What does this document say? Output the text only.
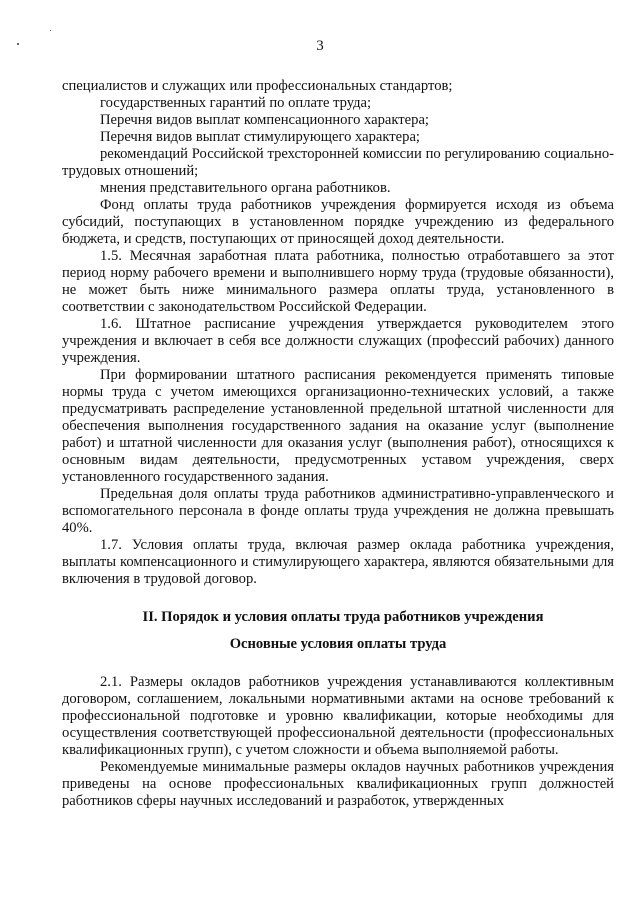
3

специалистов и служащих или профессиональных стандартов;

государственных гарантий по оплате труда;

Перечня видов выплат компенсационного характера;

Перечня видов выплат стимулирующего характера;

рекомендаций Российской трехсторонней комиссии по регулированию социально-трудовых отношений;

мнения представительного органа работников.

Фонд оплаты труда работников учреждения формируется исходя из объема субсидий, поступающих в установленном порядке учреждению из федерального бюджета, и средств, поступающих от приносящей доход деятельности.

1.5. Месячная заработная плата работника, полностью отработавшего за этот период норму рабочего времени и выполнившего норму труда (трудовые обязанности), не может быть ниже минимального размера оплаты труда, установленного в соответствии с законодательством Российской Федерации.

1.6. Штатное расписание учреждения утверждается руководителем этого учреждения и включает в себя все должности служащих (профессий рабочих) данного учреждения.

При формировании штатного расписания рекомендуется применять типовые нормы труда с учетом имеющихся организационно-технических условий, а также предусматривать распределение установленной предельной штатной численности для обеспечения выполнения государственного задания на оказание услуг (выполнение работ) и штатной численности для оказания услуг (выполнения работ), относящихся к основным видам деятельности, предусмотренных уставом учреждения, сверх установленного государственного задания.

Предельная доля оплаты труда работников административно-управленческого и вспомогательного персонала в фонде оплаты труда учреждения не должна превышать 40%.

1.7. Условия оплаты труда, включая размер оклада работника учреждения, выплаты компенсационного и стимулирующего характера, являются обязательными для включения в трудовой договор.

II. Порядок и условия оплаты труда работников учреждения

Основные условия оплаты труда

2.1. Размеры окладов работников учреждения устанавливаются коллективным договором, соглашением, локальными нормативными актами на основе требований к профессиональной подготовке и уровню квалификации, которые необходимы для осуществления соответствующей профессиональной деятельности (профессиональных квалификационных групп), с учетом сложности и объема выполняемой работы.

Рекомендуемые минимальные размеры окладов научных работников учреждения приведены на основе профессиональных квалификационных групп должностей работников сферы научных исследований и разработок, утвержденных
